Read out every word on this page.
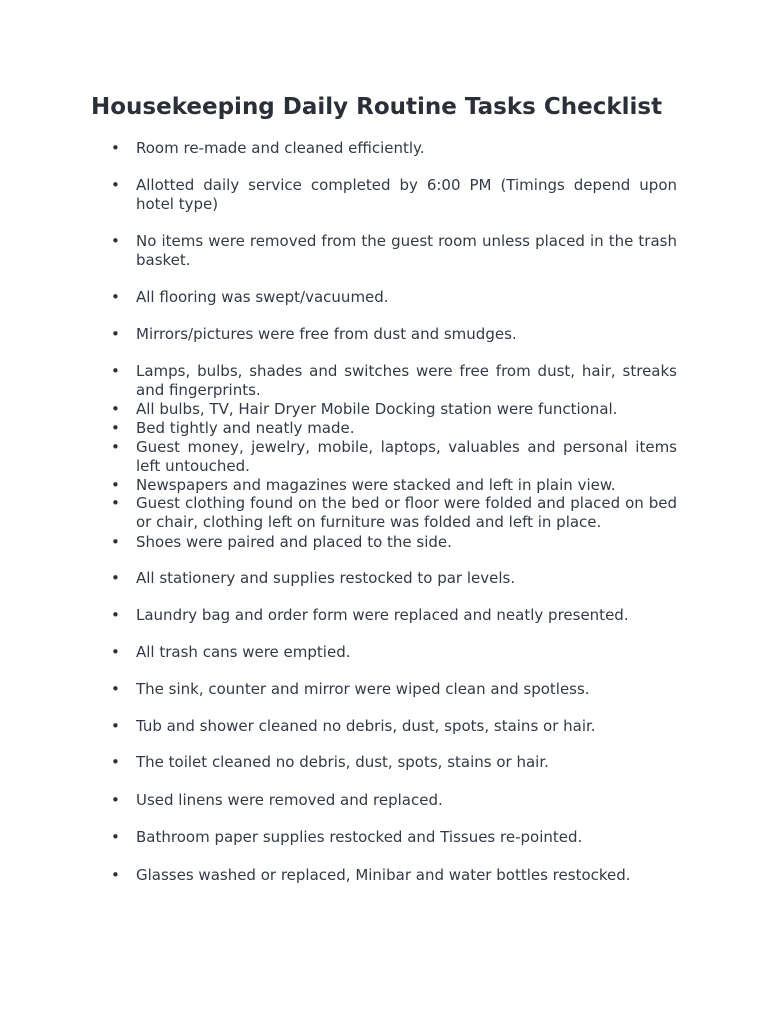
Housekeeping Daily Routine Tasks Checklist
• Room re-made and cleaned efficiently.

• Allotted daily service completed by 6:00 PM (Timings depend upon hotel type)

• No items were removed from the guest room unless placed in the trash basket.

• All flooring was swept/vacuumed.

• Mirrors/pictures were free from dust and smudges.

• Lamps, bulbs, shades and switches were free from dust, hair, streaks and fingerprints.

• All bulbs, TV, Hair Dryer Mobile Docking station were functional.

• Bed tightly and neatly made.

• Guest money, jewelry, mobile, laptops, valuables and personal items left untouched.

• Newspapers and magazines were stacked and left in plain view.

• Guest clothing found on the bed or floor were folded and placed on bed or chair, clothing left on furniture was folded and left in place.

• Shoes were paired and placed to the side.

• All stationery and supplies restocked to par levels.

• Laundry bag and order form were replaced and neatly presented.

• All trash cans were emptied.

• The sink, counter and mirror were wiped clean and spotless.

• Tub and shower cleaned no debris, dust, spots, stains or hair.

• The toilet cleaned no debris, dust, spots, stains or hair.

• Used linens were removed and replaced.

• Bathroom paper supplies restocked and Tissues re-pointed.

• Glasses washed or replaced, Minibar and water bottles restocked.
